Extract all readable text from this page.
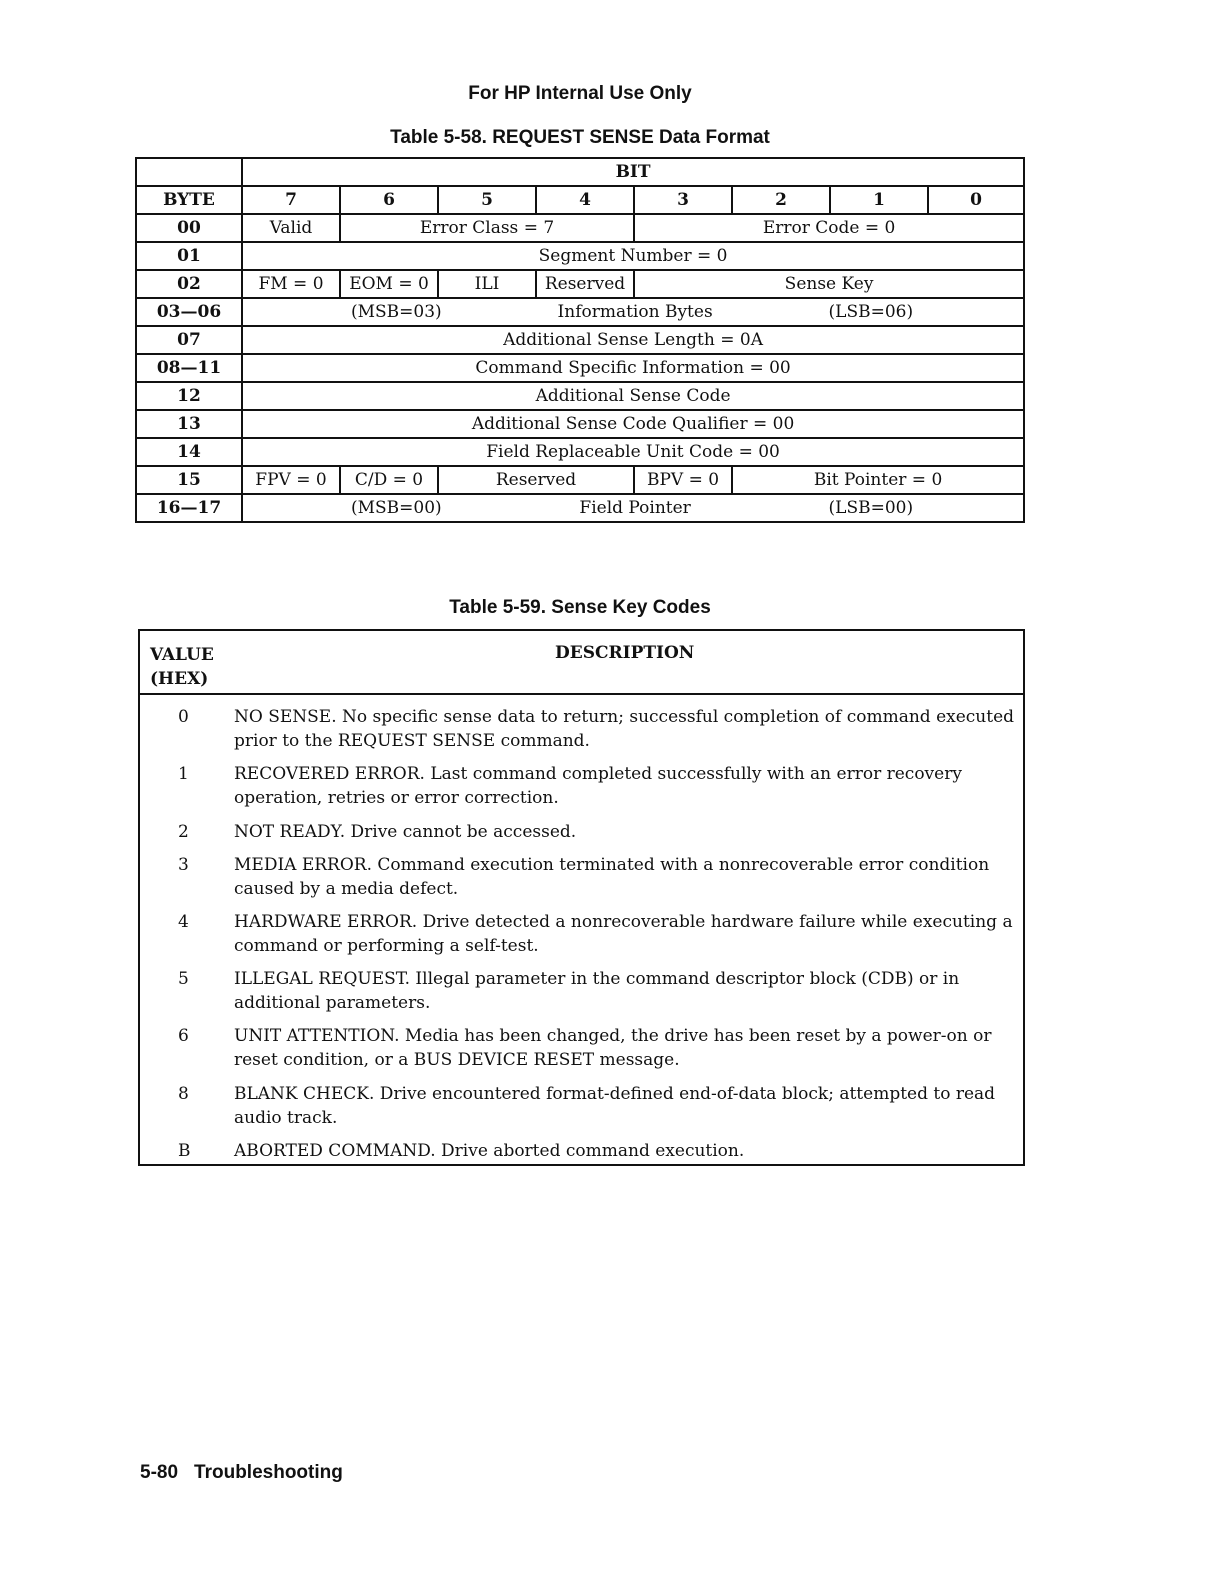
For HP Internal Use Only
Table 5-58. REQUEST SENSE Data Format
	BIT							
BYTE	7	6	5	4	3	2	1	0
00	Valid	Error Class = 7			Error Code = 0			
01	Segment Number = 0							
02	FM = 0	EOM = 0	ILI	Reserved	Sense Key			
03—06	(MSB=03) Information Bytes (LSB=06)							

07	Additional Sense Length = 0A							
08—11	Command Specific Information = 00							
12	Additional Sense Code							
13	Additional Sense Code Qualifier = 00							
14	Field Replaceable Unit Code = 00							
15	FPV = 0	C/D = 0	Reserved		BPV = 0	Bit Pointer = 0		
16—17	(MSB=00) Field Pointer (LSB=00)							
Table 5-59. Sense Key Codes
VALUE
(HEX)
DESCRIPTION
0	NO SENSE. No specific sense data to return; successful completion of command executed prior to the REQUEST SENSE command.
1	RECOVERED ERROR. Last command completed successfully with an error recovery operation, retries or error correction.
2	NOT READY. Drive cannot be accessed.
3	MEDIA ERROR. Command execution terminated with a nonrecoverable error condition caused by a media defect.
4	HARDWARE ERROR. Drive detected a nonrecoverable hardware failure while executing a command or performing a self-test.
5	ILLEGAL REQUEST. Illegal parameter in the command descriptor block (CDB) or in additional parameters.
6	UNIT ATTENTION. Media has been changed, the drive has been reset by a power-on or reset condition, or a BUS DEVICE RESET message.
8	BLANK CHECK. Drive encountered format-defined end-of-data block; attempted to read audio track.
B	ABORTED COMMAND. Drive aborted command execution.
5-80 Troubleshooting
